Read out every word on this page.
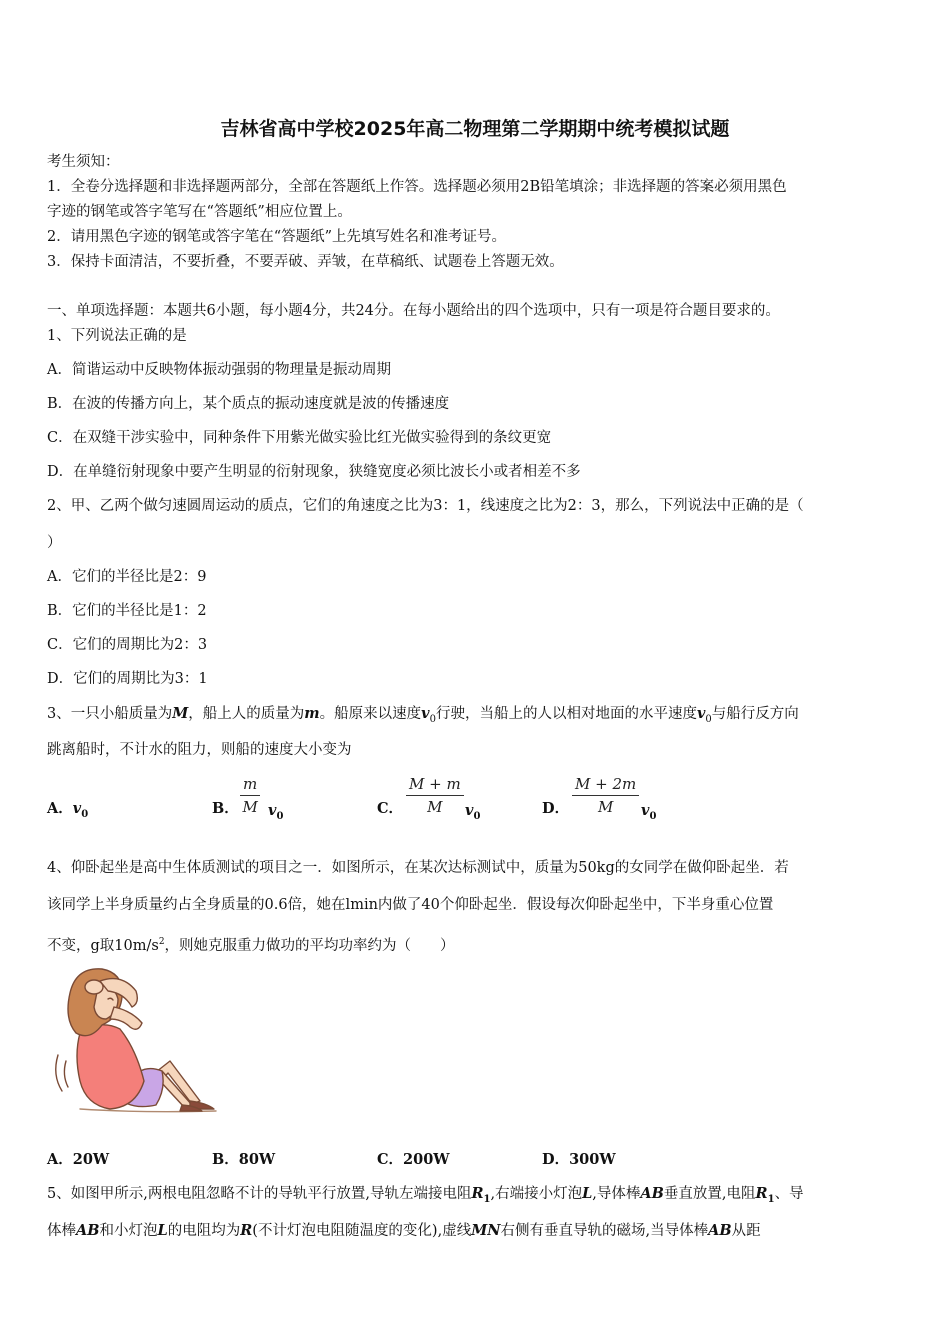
吉林省高中学校2025年高二物理第二学期期中统考模拟试题
考生须知：
1．全卷分选择题和非选择题两部分，全部在答题纸上作答。选择题必须用2B铅笔填涂；非选择题的答案必须用黑色
字迹的钢笔或答字笔写在“答题纸”相应位置上。
2．请用黑色字迹的钢笔或答字笔在“答题纸”上先填写姓名和准考证号。
3．保持卡面清洁，不要折叠，不要弄破、弄皱，在草稿纸、试题卷上答题无效。
一、单项选择题：本题共6小题，每小题4分，共24分。在每小题给出的四个选项中，只有一项是符合题目要求的。
1、下列说法正确的是
A．简谐运动中反映物体振动强弱的物理量是振动周期
B．在波的传播方向上，某个质点的振动速度就是波的传播速度
C．在双缝干涉实验中，同种条件下用紫光做实验比红光做实验得到的条纹更宽
D．在单缝衍射现象中要产生明显的衍射现象，狭缝宽度必须比波长小或者相差不多
2、甲、乙两个做匀速圆周运动的质点，它们的角速度之比为3：1，线速度之比为2：3，那么，下列说法中正确的是（
）
A．它们的半径比是2：9
B．它们的半径比是1：2
C．它们的周期比为2：3
D．它们的周期比为3：1
3、一只小船质量为M，船上人的质量为m。船原来以速度$v_0$行驶，当船上的人以相对地面的水平速度$v_0$与船行反方向
跳离船时，不计水的阻力，则船的速度大小变为
A．$v_0$	B． $\frac{m}{M} v_0$	C． $\frac{M + m}{M} v_0$	D． $\frac{M + 2m}{M} v_0$
4、仰卧起坐是高中生体质测试的项目之一．如图所示，在某次达标测试中，质量为50kg的女同学在做仰卧起坐．若
该同学上半身质量约占全身质量的0.6倍，她在lmin内做了40个仰卧起坐．假设每次仰卧起坐中，下半身重心位置
不变，g取$10m/s^2$，则她克服重力做功的平均功率约为（　　）
A．20W	B．80W	C．200W	D．300W
5、如图甲所示,两根电阻忽略不计的导轨平行放置,导轨左端接电阻$R_1$,右端接小灯泡L,导体棒AB垂直放置,电阻$R_1$、导
体棒AB和小灯泡L的电阻均为R(不计灯泡电阻随温度的变化),虚线MN右侧有垂直导轨的磁场,当导体棒AB从距
